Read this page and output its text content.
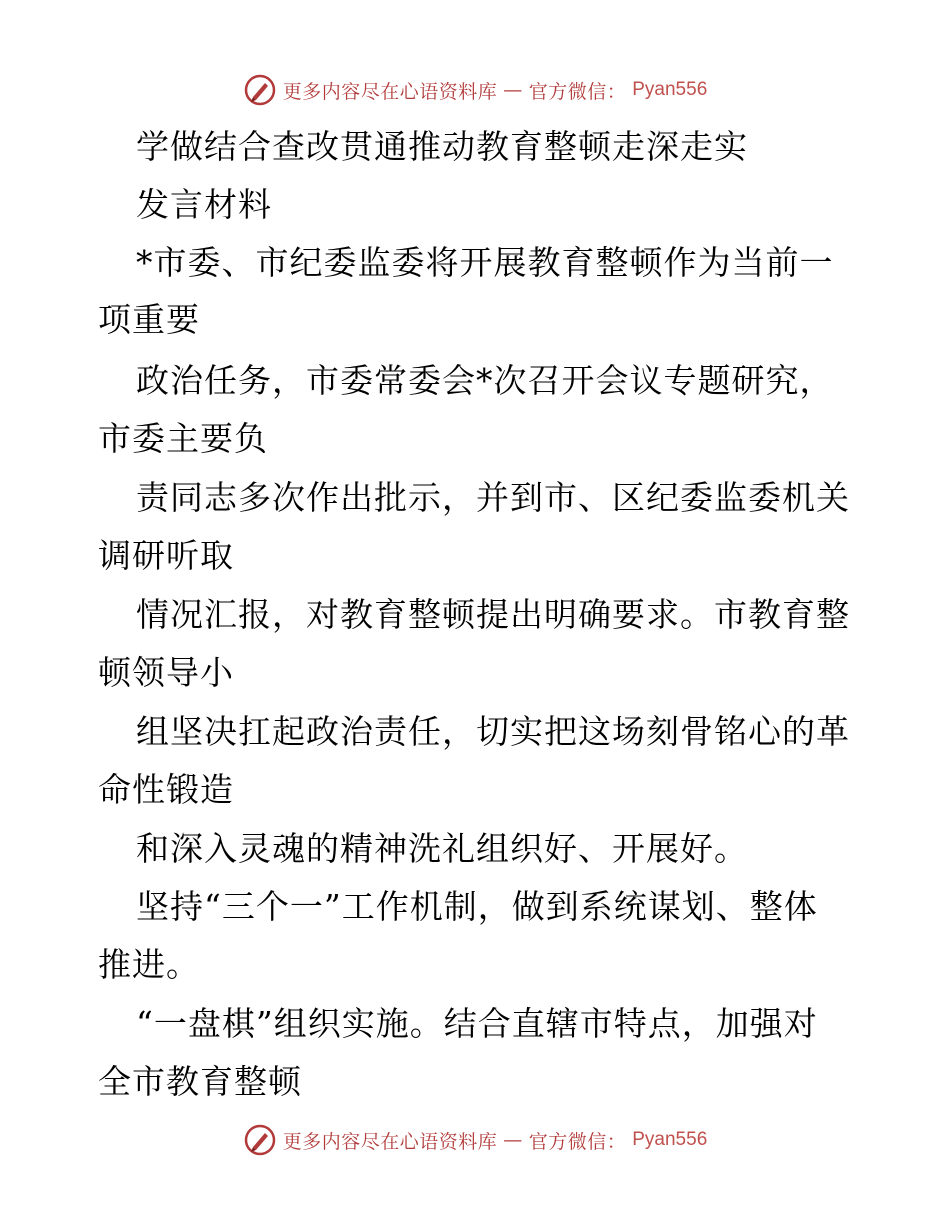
更多内容尽在心语资料库 — 官方微信： Pyan556
学做结合查改贯通推动教育整顿走深走实
发言材料
*市委、市纪委监委将开展教育整顿作为当前一
项重要
政治任务，市委常委会*次召开会议专题研究，
市委主要负
责同志多次作出批示，并到市、区纪委监委机关
调研听取
情况汇报，对教育整顿提出明确要求。市教育整
顿领导小
组坚决扛起政治责任，切实把这场刻骨铭心的革
命性锻造
和深入灵魂的精神洗礼组织好、开展好。
坚持“三个一”工作机制，做到系统谋划、整体
推进。
“一盘棋”组织实施。结合直辖市特点，加强对
全市教育整顿
更多内容尽在心语资料库 — 官方微信： Pyan556
